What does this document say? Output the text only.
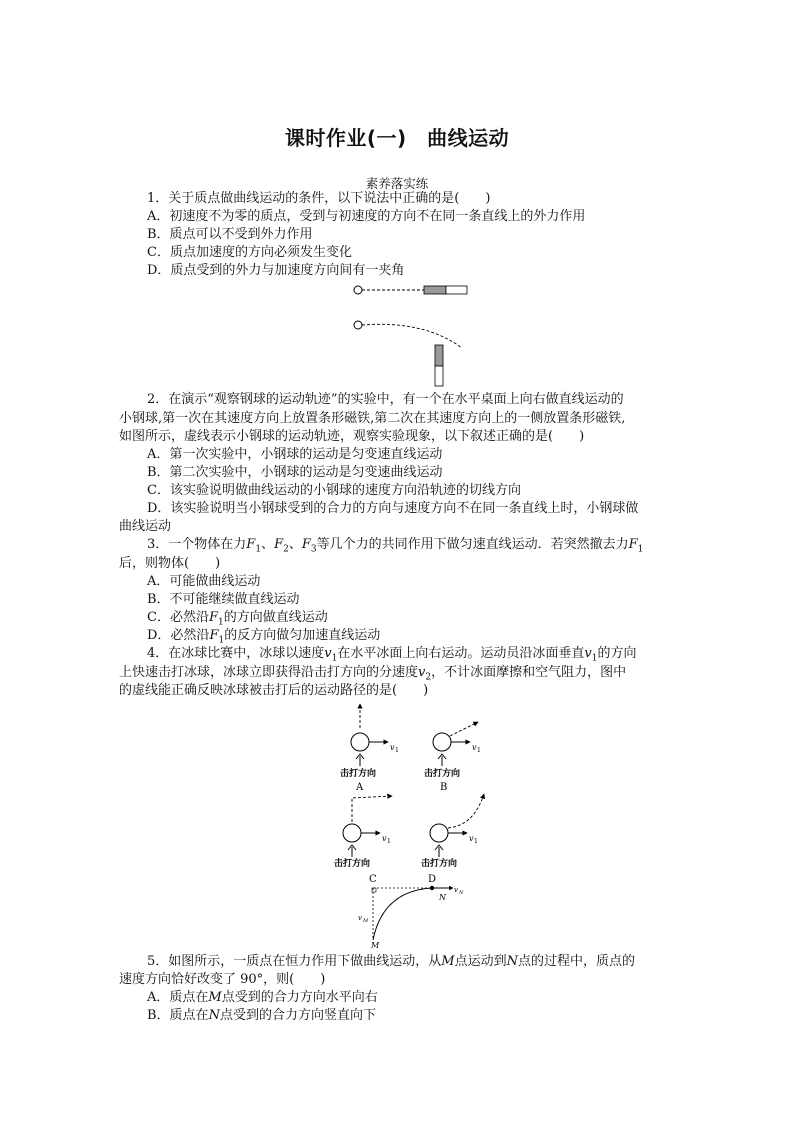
课时作业(一)　曲线运动
素养落实练
1．关于质点做曲线运动的条件，以下说法中正确的是( )
A．初速度不为零的质点，受到与初速度的方向不在同一条直线上的外力作用
B．质点可以不受到外力作用
C．质点加速度的方向必须发生变化
D．质点受到的外力与加速度方向间有一夹角
2．在演示“观察钢球的运动轨迹”的实验中，有一个在水平桌面上向右做直线运动的
小钢球,第一次在其速度方向上放置条形磁铁,第二次在其速度方向上的一侧放置条形磁铁,
如图所示，虚线表示小钢球的运动轨迹，观察实验现象，以下叙述正确的是( )
A．第一次实验中，小钢球的运动是匀变速直线运动
B．第二次实验中，小钢球的运动是匀变速曲线运动
C．该实验说明做曲线运动的小钢球的速度方向沿轨迹的切线方向
D．该实验说明当小钢球受到的合力的方向与速度方向不在同一条直线上时，小钢球做
曲线运动
3．一个物体在力$F_1$、$F_2$、$F_3$等几个力的共同作用下做匀速直线运动．若突然撤去力$F_1$
后，则物体( )
A．可能做曲线运动
B．不可能继续做直线运动
C．必然沿$F_1$的方向做直线运动
D．必然沿$F_1$的反方向做匀加速直线运动
4．在冰球比赛中，冰球以速度$v_1$在水平冰面上向右运动。运动员沿冰面垂直$v_1$的方向
上快速击打冰球，冰球立即获得沿击打方向的分速度$v_2$，不计冰面摩擦和空气阻力，图中
的虚线能正确反映冰球被击打后的运动路径的是( )
v 1
击打方向
A
v 1
击打方向
B
v 1
击打方向
v 1
击打方向
C	D
v N
N
v M
M
5．如图所示，一质点在恒力作用下做曲线运动，从M点运动到N点的过程中，质点的
速度方向恰好改变了 90°，则( )
A．质点在M点受到的合力方向水平向右
B．质点在N点受到的合力方向竖直向下
